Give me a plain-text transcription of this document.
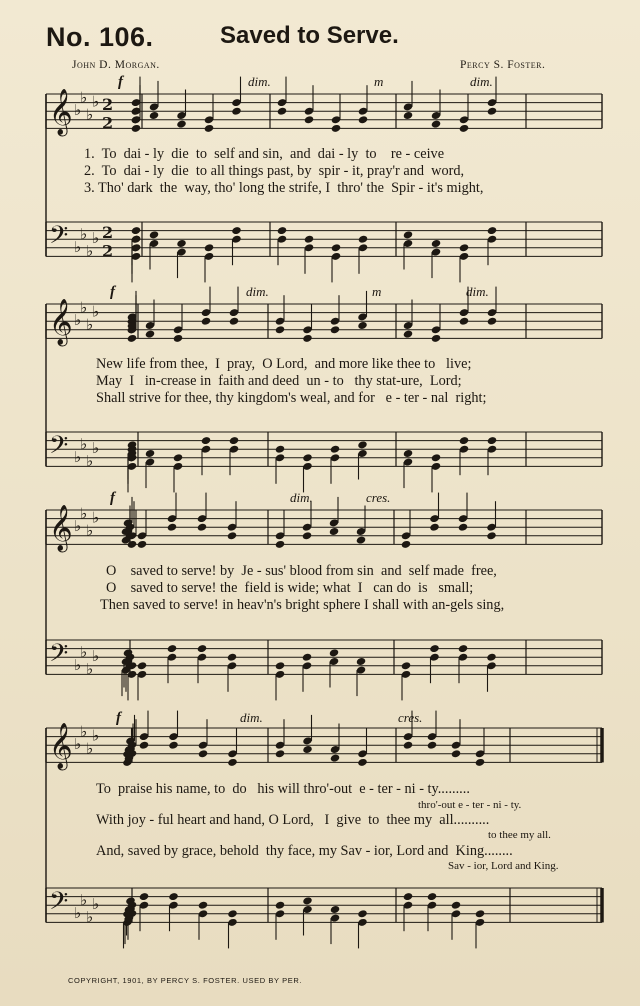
No. 106.	Saved to Serve.
John D. Morgan.	Percy S. Foster.
𝄞 ♭
♭
♭
♭ 2
2
𝄢 ♭
♭
♭
♭ 2
2
𝄞 ♭
♭
♭
♭
𝄢 ♭
♭
♭
♭
𝄞 ♭
♭
♭
♭
𝄢 ♭
♭
♭
♭
𝄞 ♭
♭
♭
♭
𝄢 ♭
♭
♭
♭
f	dim.	m	dim.
1.  To  dai - ly  die  to  self and sin,  and  dai - ly  to    re - ceive
2.  To  dai - ly  die  to all things past, by  spir - it, pray'r and  word,
3. Tho' dark  the  way, tho' long the strife, I  thro' the  Spir - it's might,
f	dim.	m	dim.
New life from thee,  I  pray,  O Lord,  and more like thee to   live;
May  I   in-crease in  faith and deed  un - to   thy stat-ure,  Lord;
Shall strive for thee, thy kingdom's weal, and for   e - ter - nal  right;
f	dim.	cres.
O    saved to serve! by  Je - sus' blood from sin  and  self made  free,
O    saved to serve! the  field is wide; what  I   can do  is   small;
Then saved to serve! in heav'n's bright sphere I shall with an-gels sing,
f	dim.	cres.
To  praise his name, to  do   his will thro'-out  e - ter - ni - ty.........
thro'-out e - ter - ni - ty.
With joy - ful heart and hand, O Lord,   I  give  to  thee my  all..........
to thee my all.
And, saved by grace, behold  thy face, my Sav - ior, Lord and  King........
Sav - ior, Lord and King.
COPYRIGHT, 1901, BY PERCY S. FOSTER. USED BY PER.
